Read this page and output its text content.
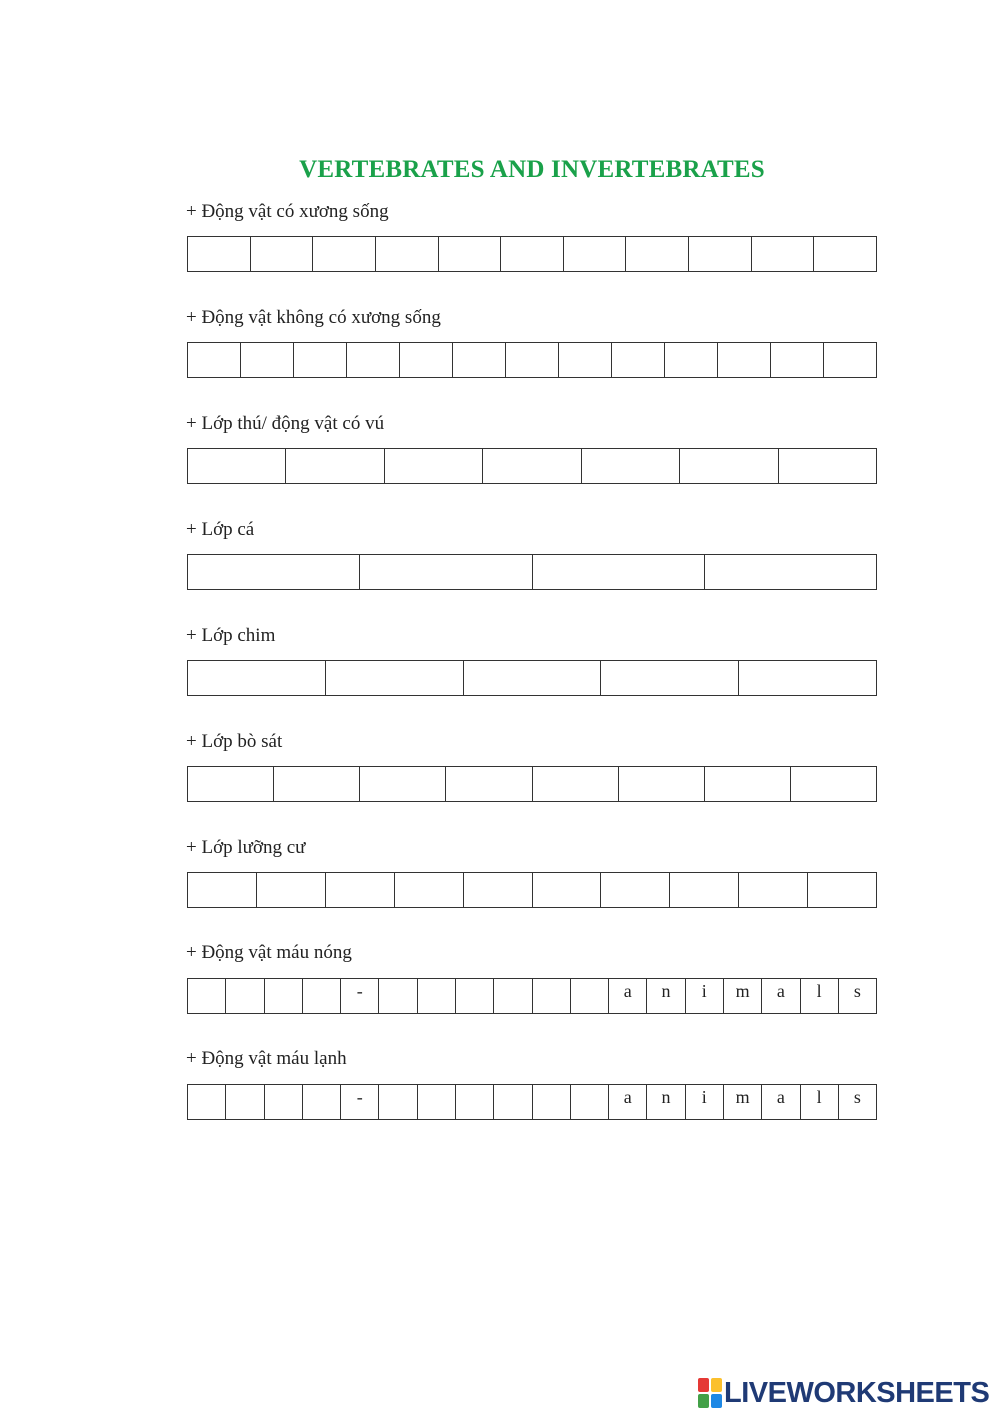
VERTEBRATES AND INVERTEBRATES
+ Động vật có xương sống
+ Động vật không có xương sống
+ Lớp thú/ động vật có vú
+ Lớp cá
+ Lớp chim
+ Lớp bò sát
+ Lớp lưỡng cư
+ Động vật máu nóng
-	a	n	i	m	a	l	s
+ Động vật máu lạnh
-	a	n	i	m	a	l	s
LIVEWORKSHEETS
